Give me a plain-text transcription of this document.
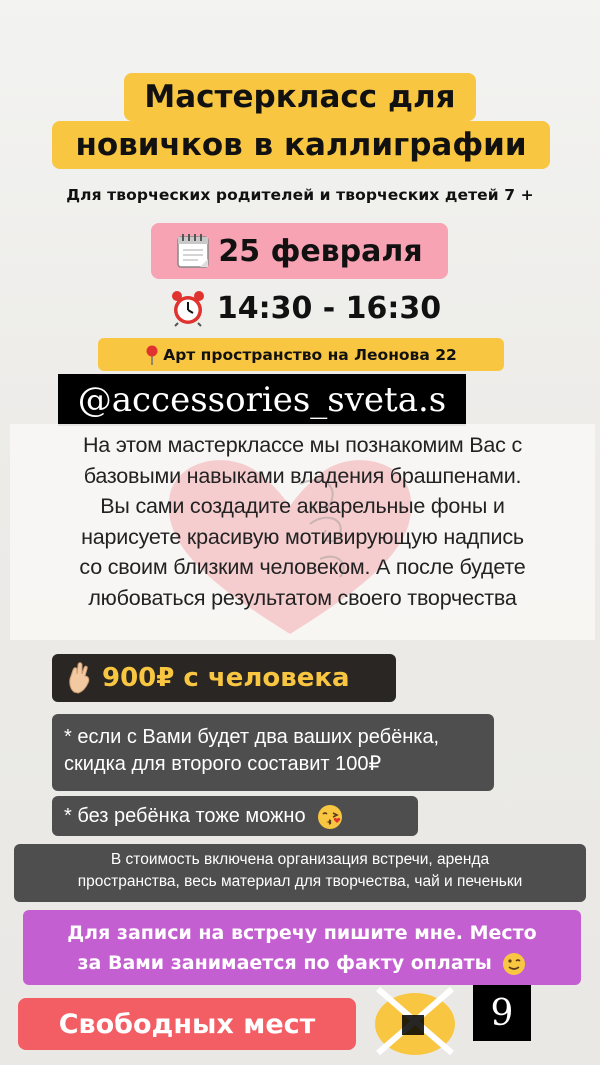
Мастеркласс для
новичков в каллиграфии
Для творческих родителей и творческих детей 7 +
25 февраля
14:30 - 16:30
Арт пространство на Леонова 22
@accessories_sveta.s
На этом мастерклассе мы познакомим Вас с
базовыми навыками владения брашпенами.
Вы сами создадите акварельные фоны и
нарисуете красивую мотивирующую надпись
со своим близким человеком. А после будете
любоваться результатом своего творчества
900₽ с человека
* если с Вами будет два ваших ребёнка,
скидка для второго составит 100₽
* без ребёнка тоже можно
В стоимость включена организация встречи, аренда
пространства, весь материал для творчества, чай и печеньки
Для записи на встречу пишите мне. Место
за Вами занимается по факту оплаты
Свободных мест	9
